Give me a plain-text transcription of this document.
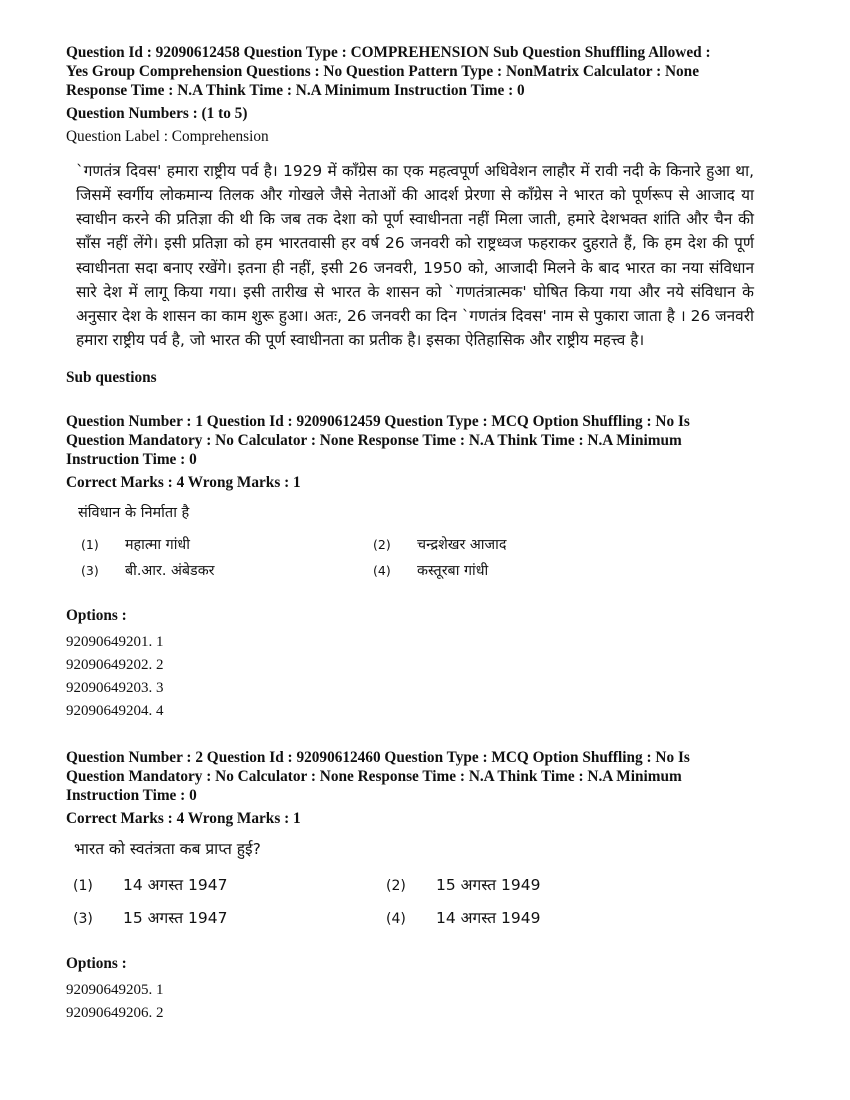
Question Id : 92090612458 Question Type : COMPREHENSION Sub Question Shuffling Allowed :
Yes Group Comprehension Questions : No Question Pattern Type : NonMatrix Calculator : None
Response Time : N.A Think Time : N.A Minimum Instruction Time : 0
Question Numbers : (1 to 5)
Question Label : Comprehension
`गणतंत्र दिवस' हमारा राष्ट्रीय पर्व है। 1929 में काँग्रेस का एक महत्वपूर्ण अधिवेशन लाहौर में रावी नदी के किनारे हुआ था, जिसमें स्वर्गीय लोकमान्य तिलक और गोखले जैसे नेताओं की आदर्श प्रेरणा से काँग्रेस ने भारत को पूर्णरूप से आजाद या स्वाधीन करने की प्रतिज्ञा की थी कि जब तक देशा को पूर्ण स्वाधीनता नहीं मिला जाती, हमारे देशभक्त शांति और चैन की साँस नहीं लेंगे। इसी प्रतिज्ञा को हम भारतवासी हर वर्ष 26 जनवरी को राष्ट्रध्वज फहराकर दुहराते हैं, कि हम देश की पूर्ण स्वाधीनता सदा बनाए रखेंगे। इतना ही नहीं, इसी 26 जनवरी, 1950 को, आजादी मिलने के बाद भारत का नया संविधान सारे देश में लागू किया गया। इसी तारीख से भारत के शासन को `गणतंत्रात्मक' घोषित किया गया और नये संविधान के अनुसार देश के शासन का काम शुरू हुआ। अतः, 26 जनवरी का दिन `गणतंत्र दिवस' नाम से पुकारा जाता है । 26 जनवरी हमारा राष्ट्रीय पर्व है, जो भारत की पूर्ण स्वाधीनता का प्रतीक है। इसका ऐतिहासिक और राष्ट्रीय महत्त्व है।
Sub questions
Question Number : 1 Question Id : 92090612459 Question Type : MCQ Option Shuffling : No Is
Question Mandatory : No Calculator : None Response Time : N.A Think Time : N.A Minimum
Instruction Time : 0
Correct Marks : 4 Wrong Marks : 1
संविधान के निर्माता है
(1)	महात्मा गांधी	(2)	चन्द्रशेखर आजाद
(3)	बी.आर. अंबेडकर	(4)	कस्तूरबा गांधी
Options :
92090649201. 1
92090649202. 2
92090649203. 3
92090649204. 4
Question Number : 2 Question Id : 92090612460 Question Type : MCQ Option Shuffling : No Is
Question Mandatory : No Calculator : None Response Time : N.A Think Time : N.A Minimum
Instruction Time : 0
Correct Marks : 4 Wrong Marks : 1
भारत को स्वतंत्रता कब प्राप्त हुई?
(1)	14 अगस्त 1947	(2)	15 अगस्त 1949
(3)	15 अगस्त 1947	(4)	14 अगस्त 1949
Options :
92090649205. 1
92090649206. 2
